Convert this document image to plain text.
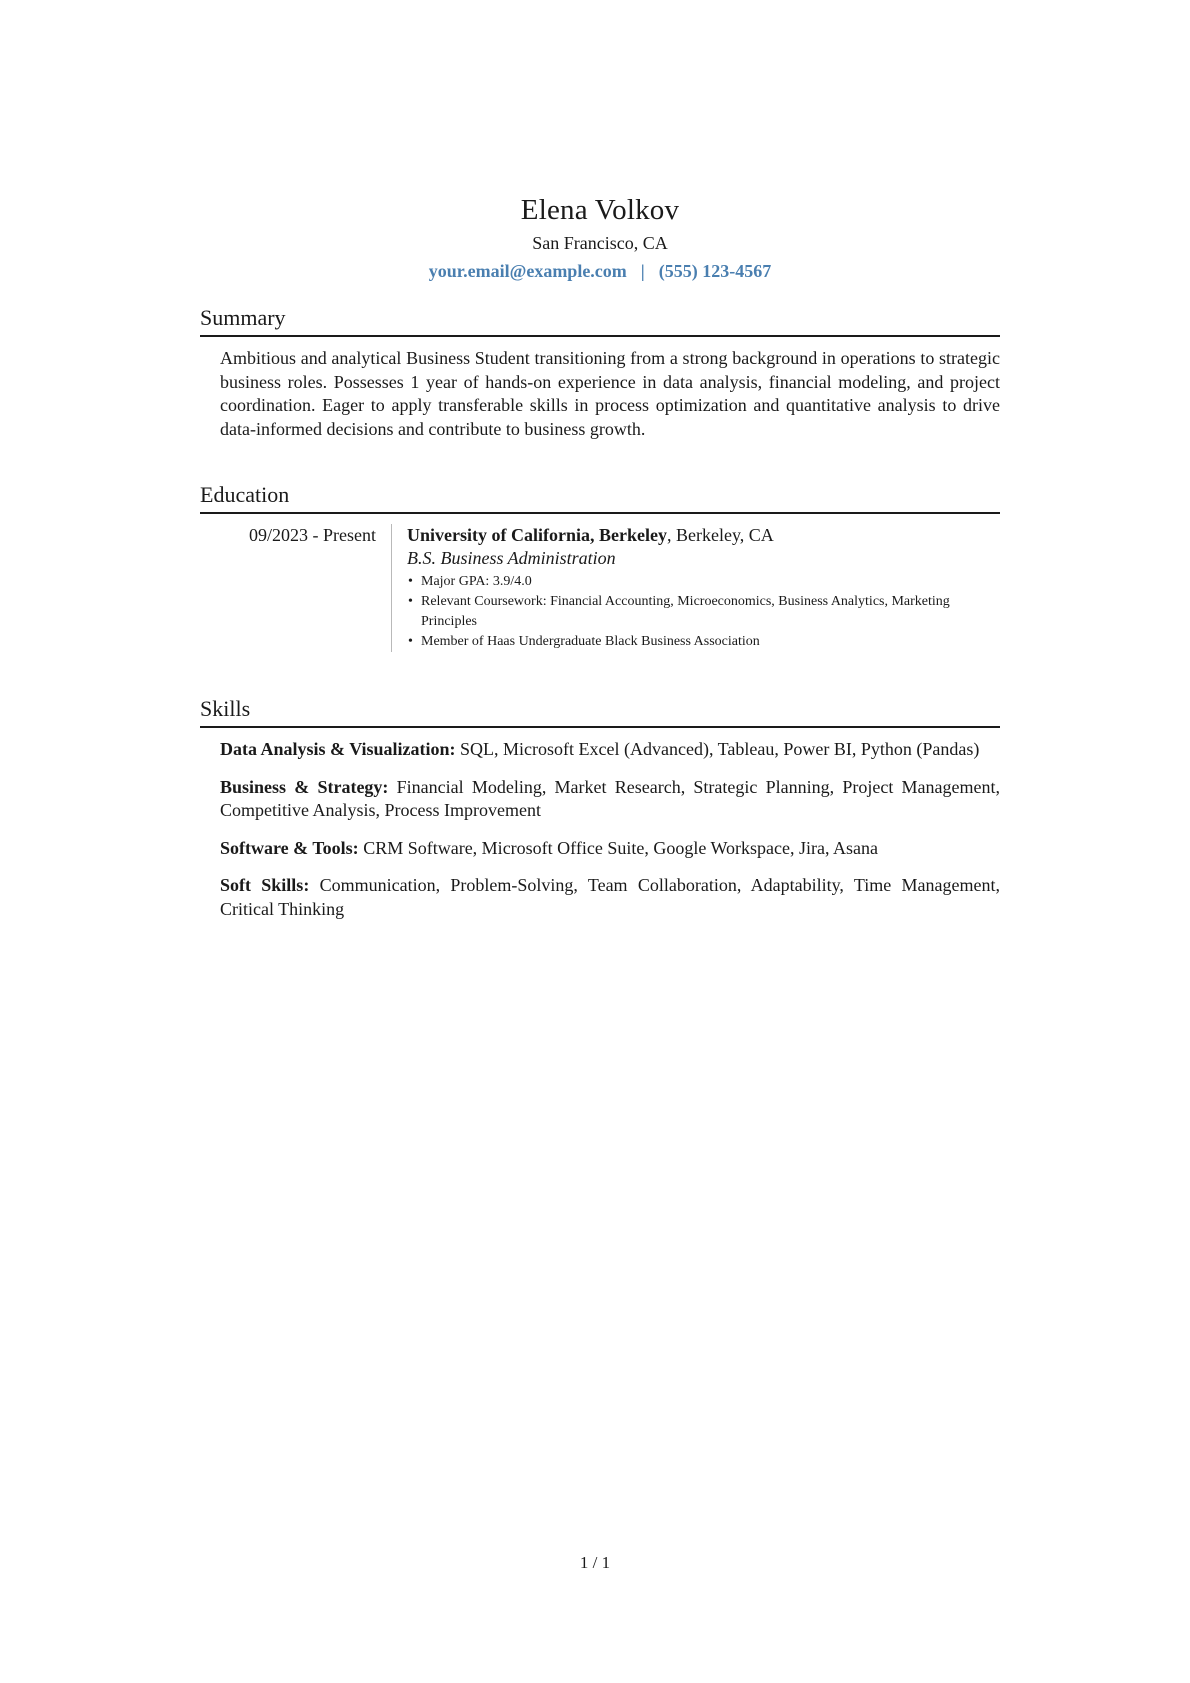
Elena Volkov
San Francisco, CA
your.email@example.com | (555) 123-4567
Summary
Ambitious and analytical Business Student transitioning from a strong background in operations to strategic business roles. Possesses 1 year of hands-on experience in data analysis, financial modeling, and project coordination. Eager to apply transferable skills in process optimization and quantitative analysis to drive data-informed decisions and contribute to business growth.
Education
09/2023 - Present	University of California, Berkeley, Berkeley, CA
B.S. Business Administration
• Major GPA: 3.9/4.0
• Relevant Coursework: Financial Accounting, Microeconomics, Business Analytics, Marketing Principles
• Member of Haas Undergraduate Black Business Association
Skills
Data Analysis & Visualization: SQL, Microsoft Excel (Advanced), Tableau, Power BI, Python (Pandas)
Business & Strategy: Financial Modeling, Market Research, Strategic Planning, Project Management, Competitive Analysis, Process Improvement
Software & Tools: CRM Software, Microsoft Office Suite, Google Workspace, Jira, Asana
Soft Skills: Communication, Problem-Solving, Team Collaboration, Adaptability, Time Management, Critical Thinking
1 / 1
